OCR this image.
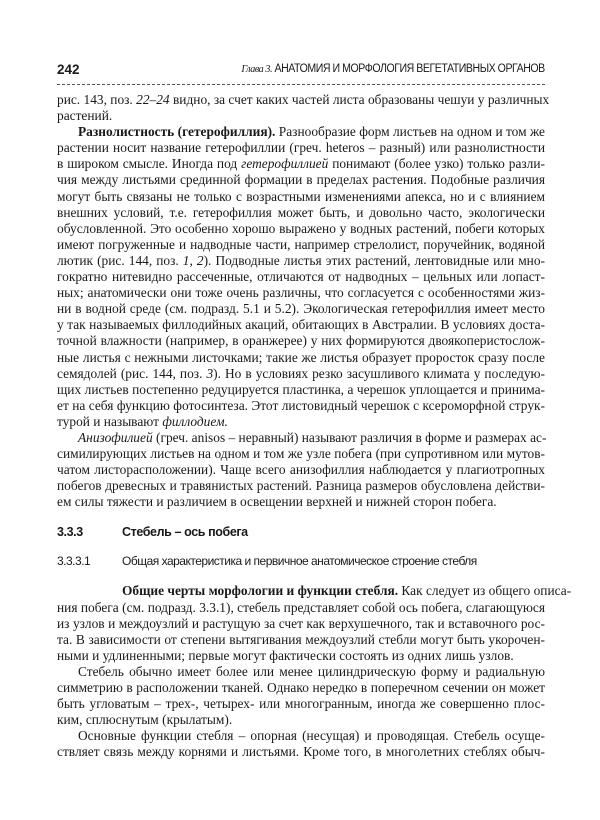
242	Глава 3. АНАТОМИЯ И МОРФОЛОГИЯ ВЕГЕТАТИВНЫХ ОРГАНОВ
рис. 143, поз. 22–24 видно, за счет каких частей листа образованы чешуи у различных
растений.
Разнолистность (гетерофиллия). Разнообразие форм листьев на одном и том же
растении носит название гетерофиллии (греч. heteros – разный) или разнолистности
в широком смысле. Иногда под гетерофиллией понимают (более узко) только разли-
чия между листьями срединной формации в пределах растения. Подобные различия
могут быть связаны не только с возрастными изменениями апекса, но и с влиянием
внешних условий, т.е. гетерофиллия может быть, и довольно часто, экологически
обусловленной. Это особенно хорошо выражено у водных растений, побеги которых
имеют погруженные и надводные части, например стрелолист, поручейник, водяной
лютик (рис. 144, поз. 1, 2). Подводные листья этих растений, лентовидные или мно-
гократно нитевидно рассеченные, отличаются от надводных – цельных или лопаст-
ных; анатомически они тоже очень различны, что согласуется с особенностями жиз-
ни в водной среде (см. подразд. 5.1 и 5.2). Экологическая гетерофиллия имеет место
у так называемых филлодийных акаций, обитающих в Австралии. В условиях доста-
точной влажности (например, в оранжерее) у них формируются двоякоперистослож-
ные листья с нежными листочками; такие же листья образует проросток сразу после
семядолей (рис. 144, поз. 3). Но в условиях резко засушливого климата у последую-
щих листьев постепенно редуцируется пластинка, а черешок уплощается и принима-
ет на себя функцию фотосинтеза. Этот листовидный черешок с ксероморфной струк-
турой и называют филлодием.
Анизофилией (греч. anisos – неравный) называют различия в форме и размерах ас-
симилирующих листьев на одном и том же узле побега (при супротивном или мутов-
чатом листорасположении). Чаще всего анизофиллия наблюдается у плагиотропных
побегов древесных и травянистых растений. Разница размеров обусловлена действи-
ем силы тяжести и различием в освещении верхней и нижней сторон побега.
3.3.3	Стебель – ось побега
3.3.3.1	Общая характеристика и первичное анатомическое строение стебля
Общие черты морфологии и функции стебля. Как следует из общего описа-
ния побега (см. подразд. 3.3.1), стебель представляет собой ось побега, слагающуюся
из узлов и междоузлий и растущую за счет как верхушечного, так и вставочного рос-
та. В зависимости от степени вытягивания междоузлий стебли могут быть укорочен-
ными и удлиненными; первые могут фактически состоять из одних лишь узлов.
Стебель обычно имеет более или менее цилиндрическую форму и радиальную
симметрию в расположении тканей. Однако нередко в поперечном сечении он может
быть угловатым – трех-, четырех- или многогранным, иногда же совершенно плос-
ким, сплюснутым (крылатым).
Основные функции стебля – опорная (несущая) и проводящая. Стебель осуще-
ствляет связь между корнями и листьями. Кроме того, в многолетних стеблях обыч-
